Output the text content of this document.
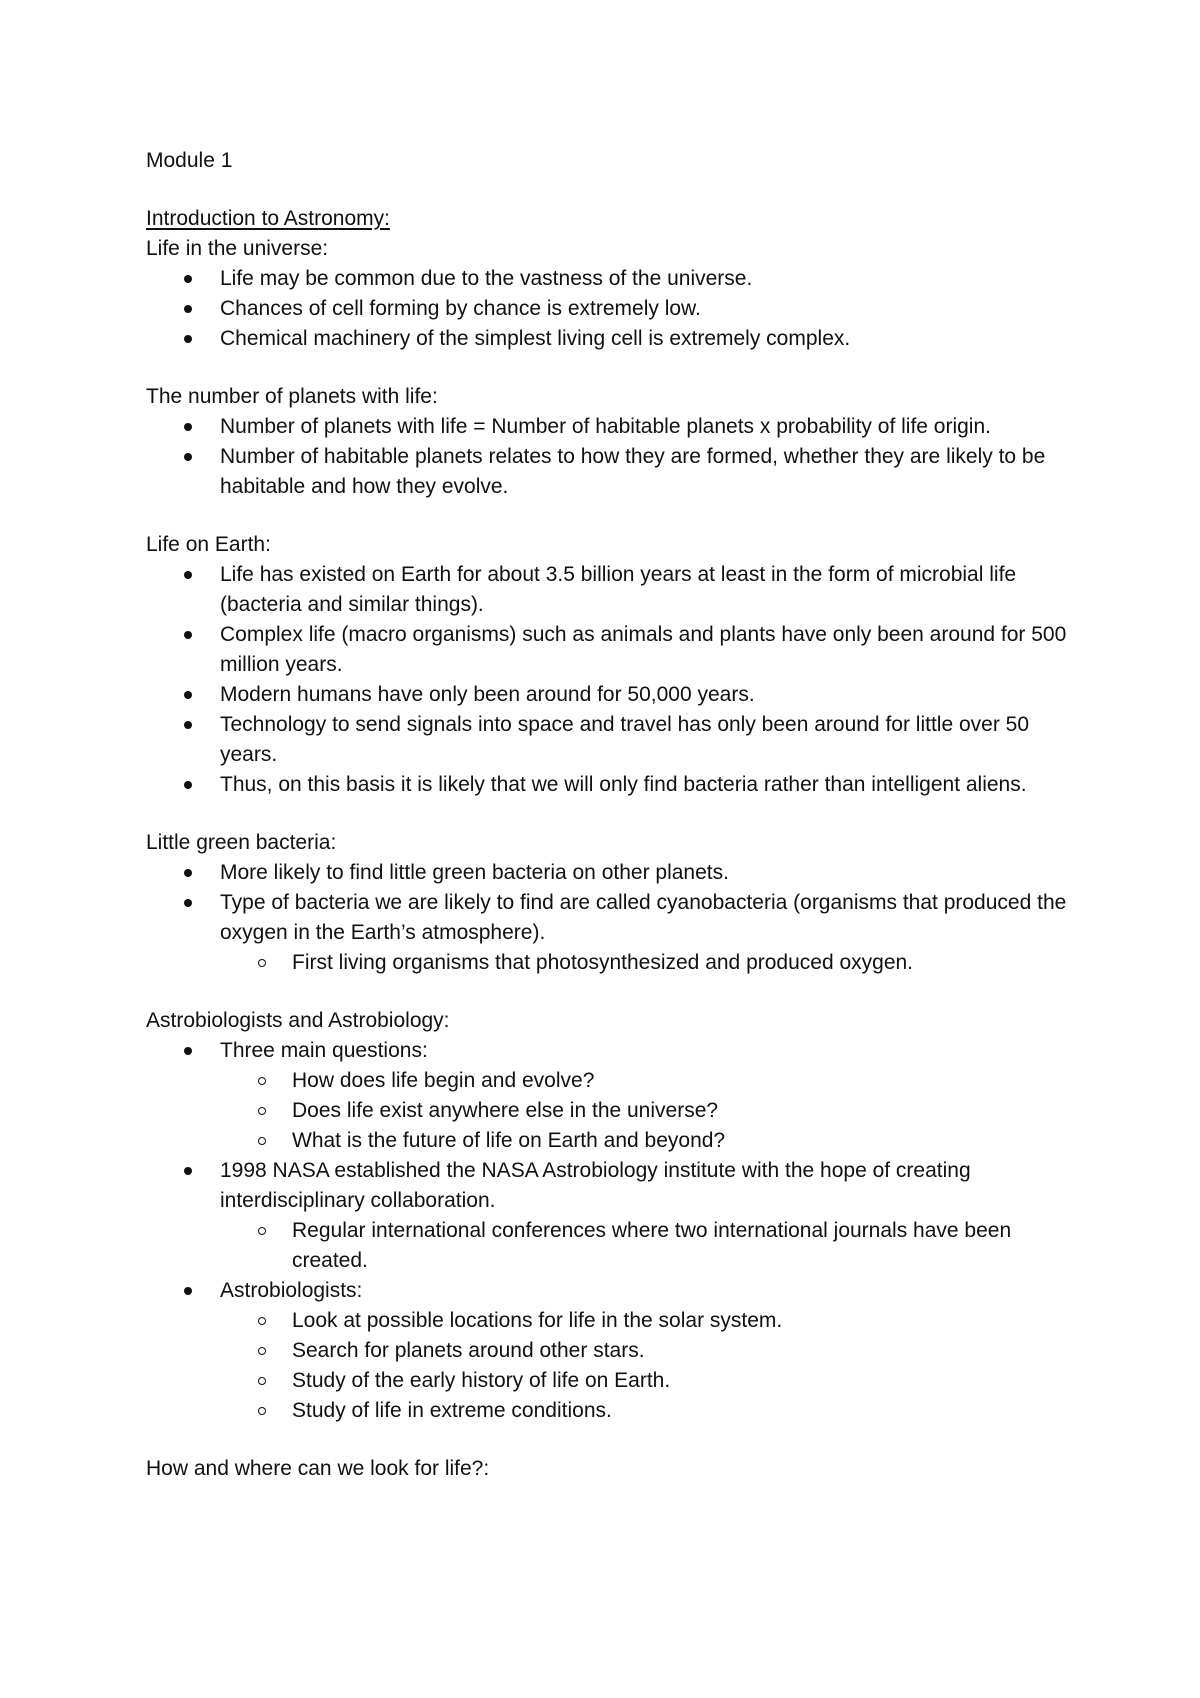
Module 1

Introduction to Astronomy:

Life in the universe:

Life may be common due to the vastness of the universe.
Chances of cell forming by chance is extremely low.
Chemical machinery of the simplest living cell is extremely complex.

The number of planets with life:

Number of planets with life = Number of habitable planets x probability of life origin.
Number of habitable planets relates to how they are formed, whether they are likely to be habitable and how they evolve.

Life on Earth:

Life has existed on Earth for about 3.5 billion years at least in the form of microbial life (bacteria and similar things).
Complex life (macro organisms) such as animals and plants have only been around for 500 million years.
Modern humans have only been around for 50,000 years.
Technology to send signals into space and travel has only been around for little over 50 years.
Thus, on this basis it is likely that we will only find bacteria rather than intelligent aliens.

Little green bacteria:

More likely to find little green bacteria on other planets.
Type of bacteria we are likely to find are called cyanobacteria (organisms that produced the oxygen in the Earth’s atmosphere).
First living organisms that photosynthesized and produced oxygen.

Astrobiologists and Astrobiology:

Three main questions:
How does life begin and evolve?
Does life exist anywhere else in the universe?
What is the future of life on Earth and beyond?
1998 NASA established the NASA Astrobiology institute with the hope of creating interdisciplinary collaboration.
Regular international conferences where two international journals have been created.
Astrobiologists:
Look at possible locations for life in the solar system.
Search for planets around other stars.
Study of the early history of life on Earth.
Study of life in extreme conditions.

How and where can we look for life?:
